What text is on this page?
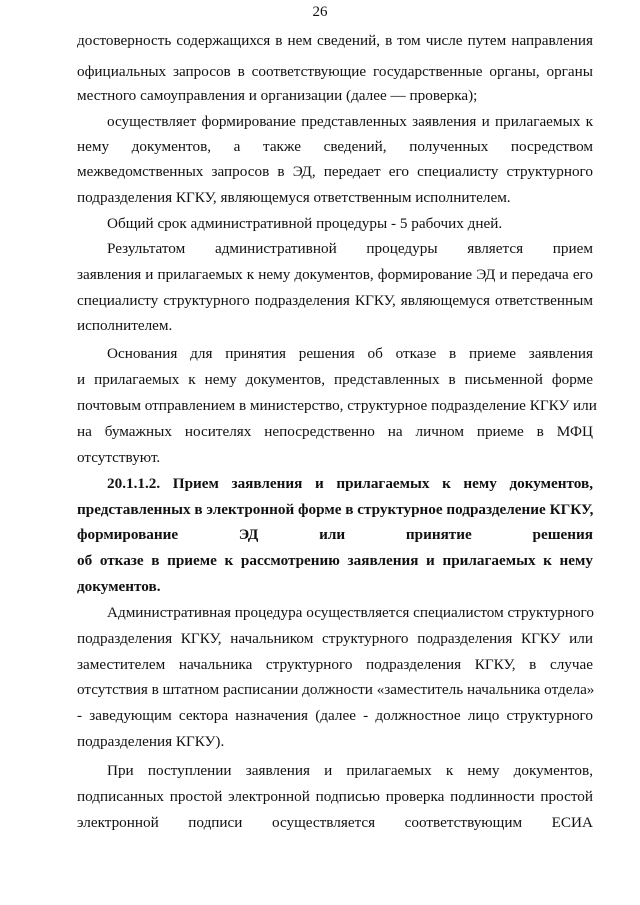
26
достоверность содержащихся в нем сведений, в том числе путем направления
официальных запросов в соответствующие государственные органы, органы
местного самоуправления и организации (далее — проверка);
осуществляет формирование представленных заявления и прилагаемых к
нему документов, а также сведений, полученных посредством
межведомственных запросов в ЭД, передает его специалисту структурного
подразделения КГКУ, являющемуся ответственным исполнителем.
Общий срок административной процедуры - 5 рабочих дней.
Результатом административной процедуры является прием
заявления и прилагаемых к нему документов, формирование ЭД и передача его
специалисту структурного подразделения КГКУ, являющемуся ответственным
исполнителем.
Основания для принятия решения об отказе в приеме заявления
и прилагаемых к нему документов, представленных в письменной форме
почтовым отправлением в министерство, структурное подразделение КГКУ или
на бумажных носителях непосредственно на личном приеме в МФЦ
отсутствуют.
20.1.1.2. Прием заявления и прилагаемых к нему документов,
представленных в электронной форме в структурное подразделение КГКУ,
формирование ЭД или принятие решения
об отказе в приеме к рассмотрению заявления и прилагаемых к нему
документов.
Административная процедура осуществляется специалистом структурного
подразделения КГКУ, начальником структурного подразделения КГКУ или
заместителем начальника структурного подразделения КГКУ, в случае
отсутствия в штатном расписании должности «заместитель начальника отдела»
- заведующим сектора назначения (далее - должностное лицо структурного
подразделения КГКУ).
При поступлении заявления и прилагаемых к нему документов,
подписанных простой электронной подписью проверка подлинности простой
электронной подписи осуществляется соответствующим ЕСИА
